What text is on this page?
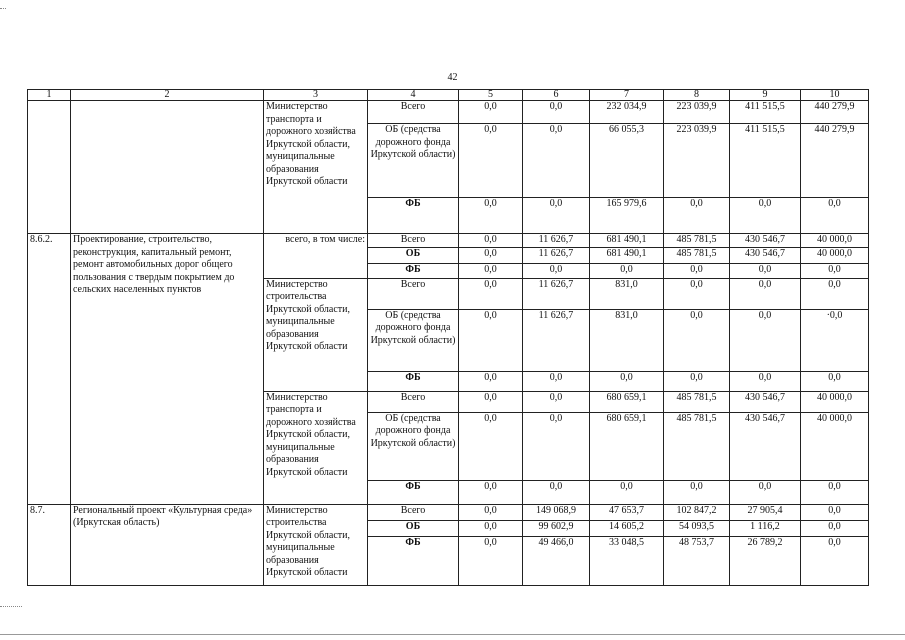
42
1	2	3	4	5	6	7	8	9	10
		Министерство транспорта и дорожного хозяйства Иркутской области, муниципальные образования Иркутской области	Всего	0,0	0,0	232 034,9	223 039,9	411 515,5	440 279,9
			ОБ (средства дорожного фонда Иркутской области)	0,0	0,0	66 055,3	223 039,9	411 515,5	440 279,9
			ФБ	0,0	0,0	165 979,6	0,0	0,0	0,0
8.6.2.	Проектирование, строительство, реконструкция, капитальный ремонт, ремонт автомобильных дорог общего пользования с твердым покрытием до сельских населенных пунктов	всего, в том числе:	Всего	0,0	11 626,7	681 490,1	485 781,5	430 546,7	40 000,0
			ОБ	0,0	11 626,7	681 490,1	485 781,5	430 546,7	40 000,0
			ФБ	0,0	0,0	0,0	0,0	0,0	0,0
		Министерство строительства Иркутской области, муниципальные образования Иркутской области	Всего	0,0	11 626,7	831,0	0,0	0,0	0,0
			ОБ (средства дорожного фонда Иркутской области)	0,0	11 626,7	831,0	0,0	0,0	·0,0
			ФБ	0,0	0,0	0,0	0,0	0,0	0,0
		Министерство транспорта и дорожного хозяйства Иркутской области, муниципальные образования Иркутской области	Всего	0,0	0,0	680 659,1	485 781,5	430 546,7	40 000,0
			ОБ (средства дорожного фонда Иркутской области)	0,0	0,0	680 659,1	485 781,5	430 546,7	40 000,0
			ФБ	0,0	0,0	0,0	0,0	0,0	0,0
8.7.	Региональный проект «Культурная среда» (Иркутская область)	Министерство строительства Иркутской области, муниципальные образования Иркутской области	Всего	0,0	149 068,9	47 653,7	102 847,2	27 905,4	0,0
			ОБ	0,0	99 602,9	14 605,2	54 093,5	1 116,2	0,0
			ФБ	0,0	49 466,0	33 048,5	48 753,7	26 789,2	0,0
